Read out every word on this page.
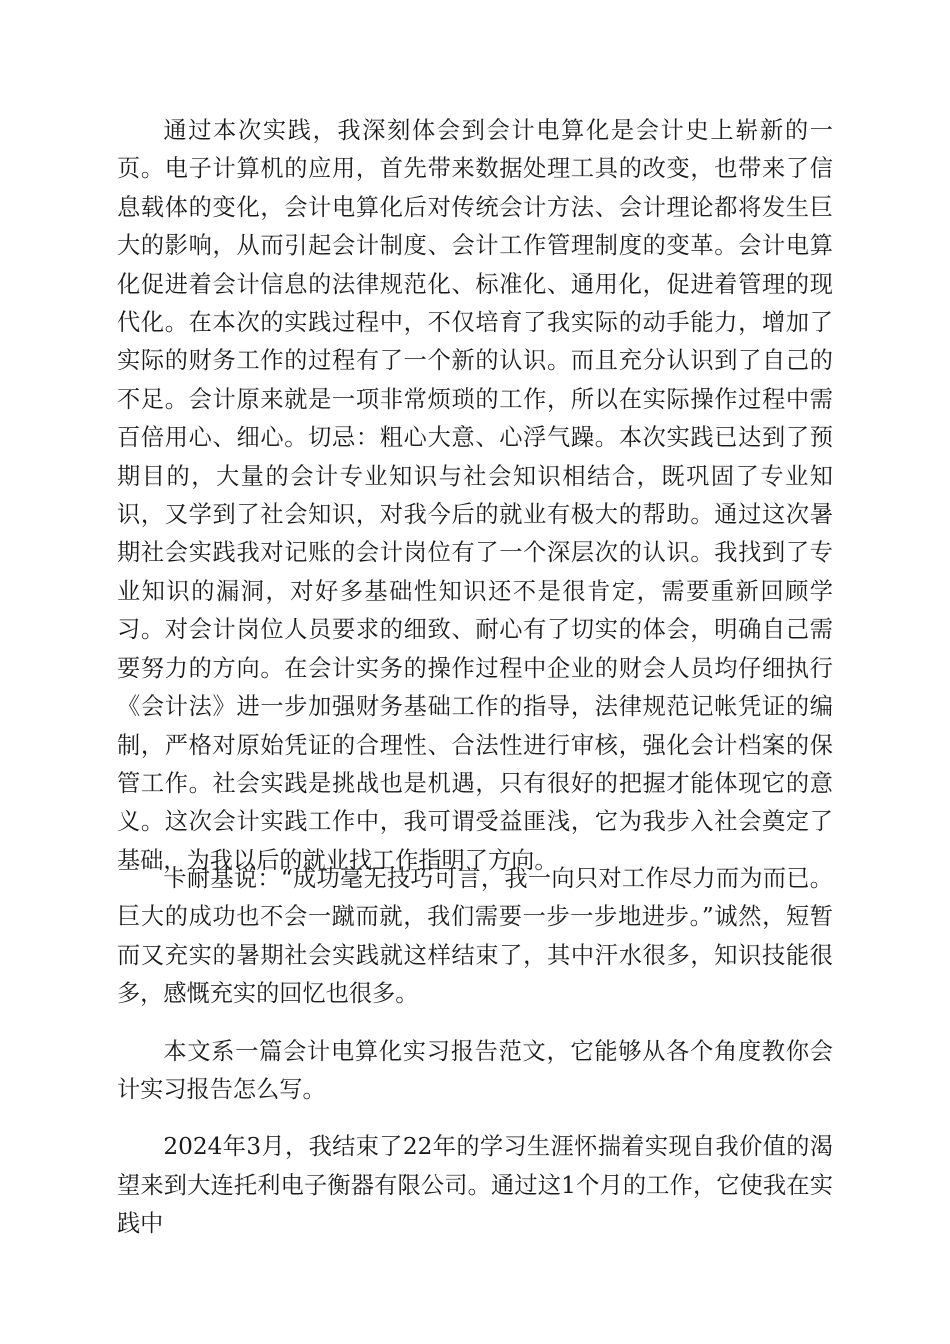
通过本次实践，我深刻体会到会计电算化是会计史上崭新的一页。电子计算机的应用，首先带来数据处理工具的改变，也带来了信息载体的变化，会计电算化后对传统会计方法、会计理论都将发生巨大的影响，从而引起会计制度、会计工作管理制度的变革。会计电算化促进着会计信息的法律规范化、标准化、通用化，促进着管理的现代化。在本次的实践过程中，不仅培育了我实际的动手能力，增加了实际的财务工作的过程有了一个新的认识。而且充分认识到了自己的不足。会计原来就是一项非常烦琐的工作，所以在实际操作过程中需百倍用心、细心。切忌：粗心大意、心浮气躁。本次实践已达到了预期目的，大量的会计专业知识与社会知识相结合，既巩固了专业知识，又学到了社会知识，对我今后的就业有极大的帮助。通过这次暑期社会实践我对记账的会计岗位有了一个深层次的认识。我找到了专业知识的漏洞，对好多基础性知识还不是很肯定，需要重新回顾学习。对会计岗位人员要求的细致、耐心有了切实的体会，明确自己需要努力的方向。在会计实务的操作过程中企业的财会人员均仔细执行《会计法》进一步加强财务基础工作的指导，法律规范记帐凭证的编制，严格对原始凭证的合理性、合法性进行审核，强化会计档案的保管工作。社会实践是挑战也是机遇，只有很好的把握才能体现它的意义。这次会计实践工作中，我可谓受益匪浅，它为我步入社会奠定了基础，为我以后的就业找工作指明了方向。

卡耐基说：“成功毫无技巧可言，我一向只对工作尽力而为而已。巨大的成功也不会一蹴而就，我们需要一步一步地进步。”诚然，短暂而又充实的暑期社会实践就这样结束了，其中汗水很多，知识技能很多，感慨充实的回忆也很多。

本文系一篇会计电算化实习报告范文，它能够从各个角度教你会计实习报告怎么写。

2024年3月，我结束了22年的学习生涯怀揣着实现自我价值的渴望来到大连托利电子衡器有限公司。通过这1个月的工作，它使我在实践中
